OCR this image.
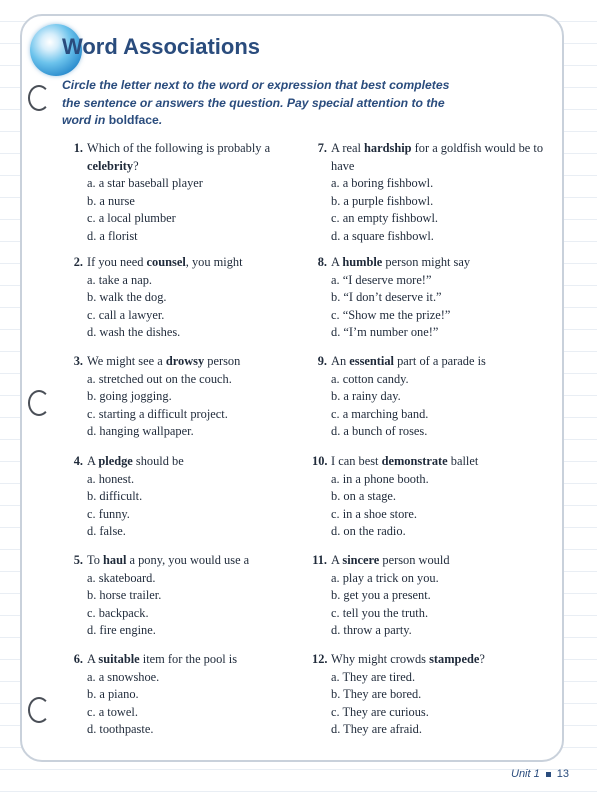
Word Associations
Circle the letter next to the word or expression that best completes the sentence or answers the question. Pay special attention to the word in boldface.
1. Which of the following is probably a celebrity?
a. a star baseball player
b. a nurse
c. a local plumber
d. a florist
7. A real hardship for a goldfish would be to have
a. a boring fishbowl.
b. a purple fishbowl.
c. an empty fishbowl.
d. a square fishbowl.
2. If you need counsel, you might
a. take a nap.
b. walk the dog.
c. call a lawyer.
d. wash the dishes.
8. A humble person might say
a. “I deserve more!”
b. “I don’t deserve it.”
c. “Show me the prize!”
d. “I’m number one!”
3. We might see a drowsy person
a. stretched out on the couch.
b. going jogging.
c. starting a difficult project.
d. hanging wallpaper.
9. An essential part of a parade is
a. cotton candy.
b. a rainy day.
c. a marching band.
d. a bunch of roses.
4. A pledge should be
a. honest.
b. difficult.
c. funny.
d. false.
10. I can best demonstrate ballet
a. in a phone booth.
b. on a stage.
c. in a shoe store.
d. on the radio.
5. To haul a pony, you would use a
a. skateboard.
b. horse trailer.
c. backpack.
d. fire engine.
11. A sincere person would
a. play a trick on you.
b. get you a present.
c. tell you the truth.
d. throw a party.
6. A suitable item for the pool is
a. a snowshoe.
b. a piano.
c. a towel.
d. toothpaste.
12. Why might crowds stampede?
a. They are tired.
b. They are bored.
c. They are curious.
d. They are afraid.
Unit 1 13
